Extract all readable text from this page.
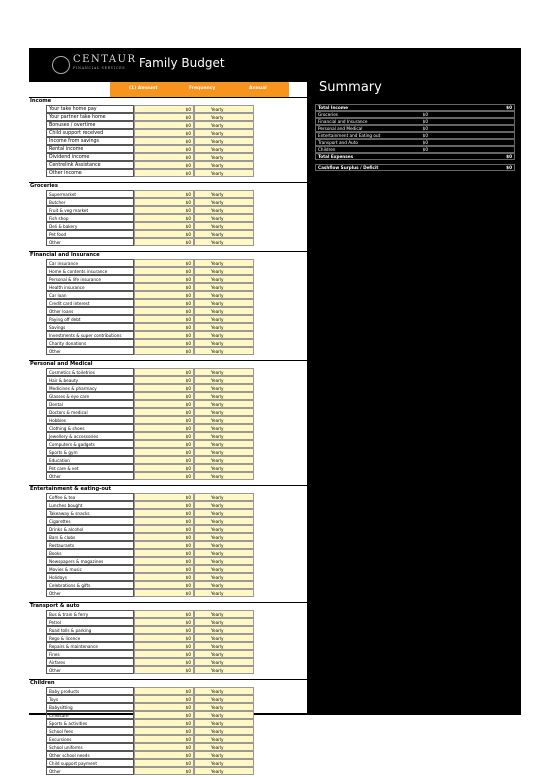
CENTAUR
FINANCIAL SERVICES Family Budget
(1) Amount	Frequency	Annual
Income
Your take home pay	$0	Yearly
Your partner take home	$0	Yearly
Bonuses / overtime	$0	Yearly
Child support received	$0	Yearly
Income from savings	$0	Yearly
Rental income	$0	Yearly
Dividend income	$0	Yearly
Centrelink Assistance	$0	Yearly
Other income	$0	Yearly
Groceries
Supermarket	$0	Yearly
Butcher	$0	Yearly
Fruit & veg market	$0	Yearly
Fish shop	$0	Yearly
Deli & bakery	$0	Yearly
Pet food	$0	Yearly
Other	$0	Yearly
Financial and Insurance
Car insurance	$0	Yearly
Home & contents insurance	$0	Yearly
Personal & life insurance	$0	Yearly
Health insurance	$0	Yearly
Car loan	$0	Yearly
Credit card interest	$0	Yearly
Other loans	$0	Yearly
Paying off debt	$0	Yearly
Savings	$0	Yearly
Investments & super contributions	$0	Yearly
Charity donations	$0	Yearly
Other	$0	Yearly
Personal and Medical
Cosmetics & toiletries	$0	Yearly
Hair & beauty	$0	Yearly
Medicines & pharmacy	$0	Yearly
Glasses & eye care	$0	Yearly
Dental	$0	Yearly
Doctors & medical	$0	Yearly
Hobbies	$0	Yearly
Clothing & shoes	$0	Yearly
Jewellery & accessories	$0	Yearly
Computers & gadgets	$0	Yearly
Sports & gym	$0	Yearly
Education	$0	Yearly
Pet care & vet	$0	Yearly
Other	$0	Yearly
Entertainment & eating-out
Coffee & tea	$0	Yearly
Lunches bought	$0	Yearly
Takeaway & snacks	$0	Yearly
Cigarettes	$0	Yearly
Drinks & alcohol	$0	Yearly
Bars & clubs	$0	Yearly
Restaurants	$0	Yearly
Books	$0	Yearly
Newspapers & magazines	$0	Yearly
Movies & music	$0	Yearly
Holidays	$0	Yearly
Celebrations & gifts	$0	Yearly
Other	$0	Yearly
Transport & auto
Bus & train & ferry	$0	Yearly
Petrol	$0	Yearly
Road tolls & parking	$0	Yearly
Rego & licence	$0	Yearly
Repairs & maintenance	$0	Yearly
Fines	$0	Yearly
Airfares	$0	Yearly
Other	$0	Yearly
Children
Baby products	$0	Yearly
Toys	$0	Yearly
Babysitting	$0	Yearly
Childcare	$0	Yearly
Sports & activities	$0	Yearly
School fees	$0	Yearly
Excursions	$0	Yearly
School uniforms	$0	Yearly
Other school needs	$0	Yearly
Child support payment	$0	Yearly
Other	$0	Yearly
Summary
Total Income	$0
Groceries	$0
Financial and Insurance	$0
Personal and Medical	$0
Entertainment and Eating out	$0
Transport and Auto	$0
Children	$0
Total Expenses	$0
Cashflow Surplus / Deficit	$0
